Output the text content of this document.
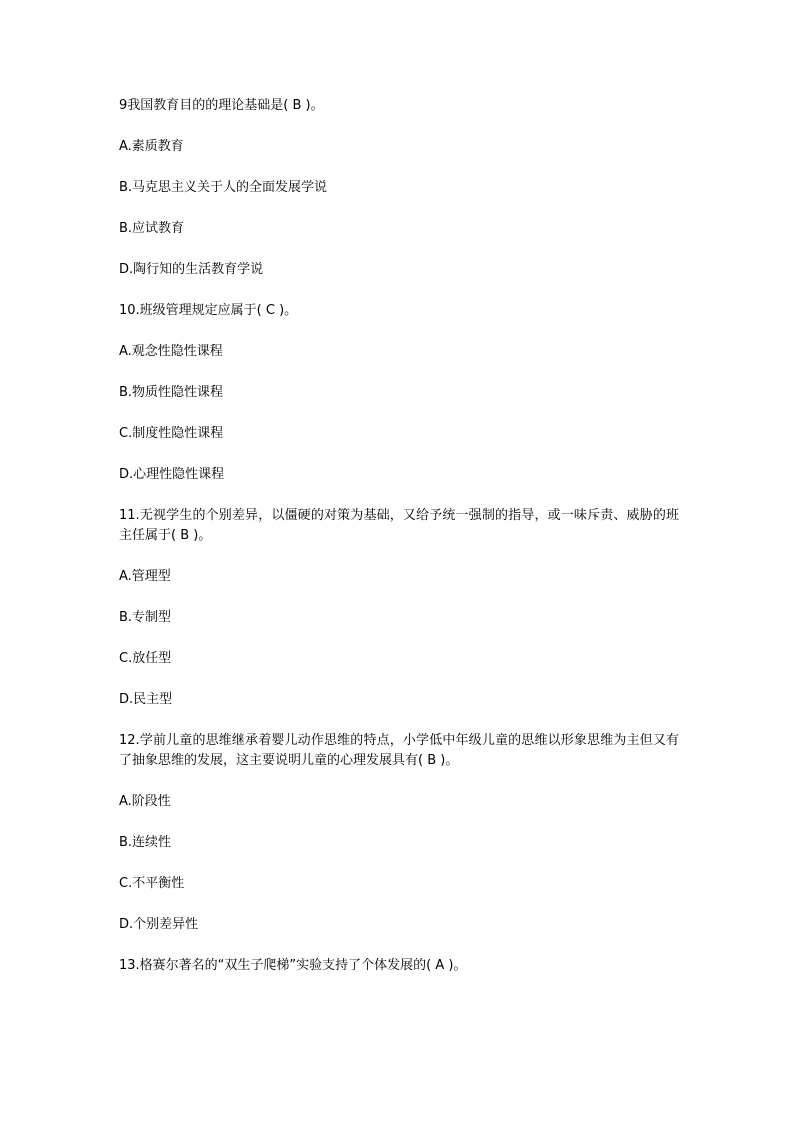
9我国教育目的的理论基础是( B )。

A.素质教育

B.马克思主义关于人的全面发展学说

B.应试教育

D.陶行知的生活教育学说

10.班级管理规定应属于( C )。

A.观念性隐性课程

B.物质性隐性课程

C.制度性隐性课程

D.心理性隐性课程

11.无视学生的个别差异，以僵硬的对策为基础，又给予统一强制的指导，或一味斥责、威胁的班主任属于( B )。

A.管理型

B.专制型

C.放任型

D.民主型

12.学前儿童的思维继承着婴儿动作思维的特点，小学低中年级儿童的思维以形象思维为主但又有了抽象思维的发展，这主要说明儿童的心理发展具有( B )。

A.阶段性

B.连续性

C.不平衡性

D.个别差异性

13.格赛尔著名的“双生子爬梯”实验支持了个体发展的( A )。
